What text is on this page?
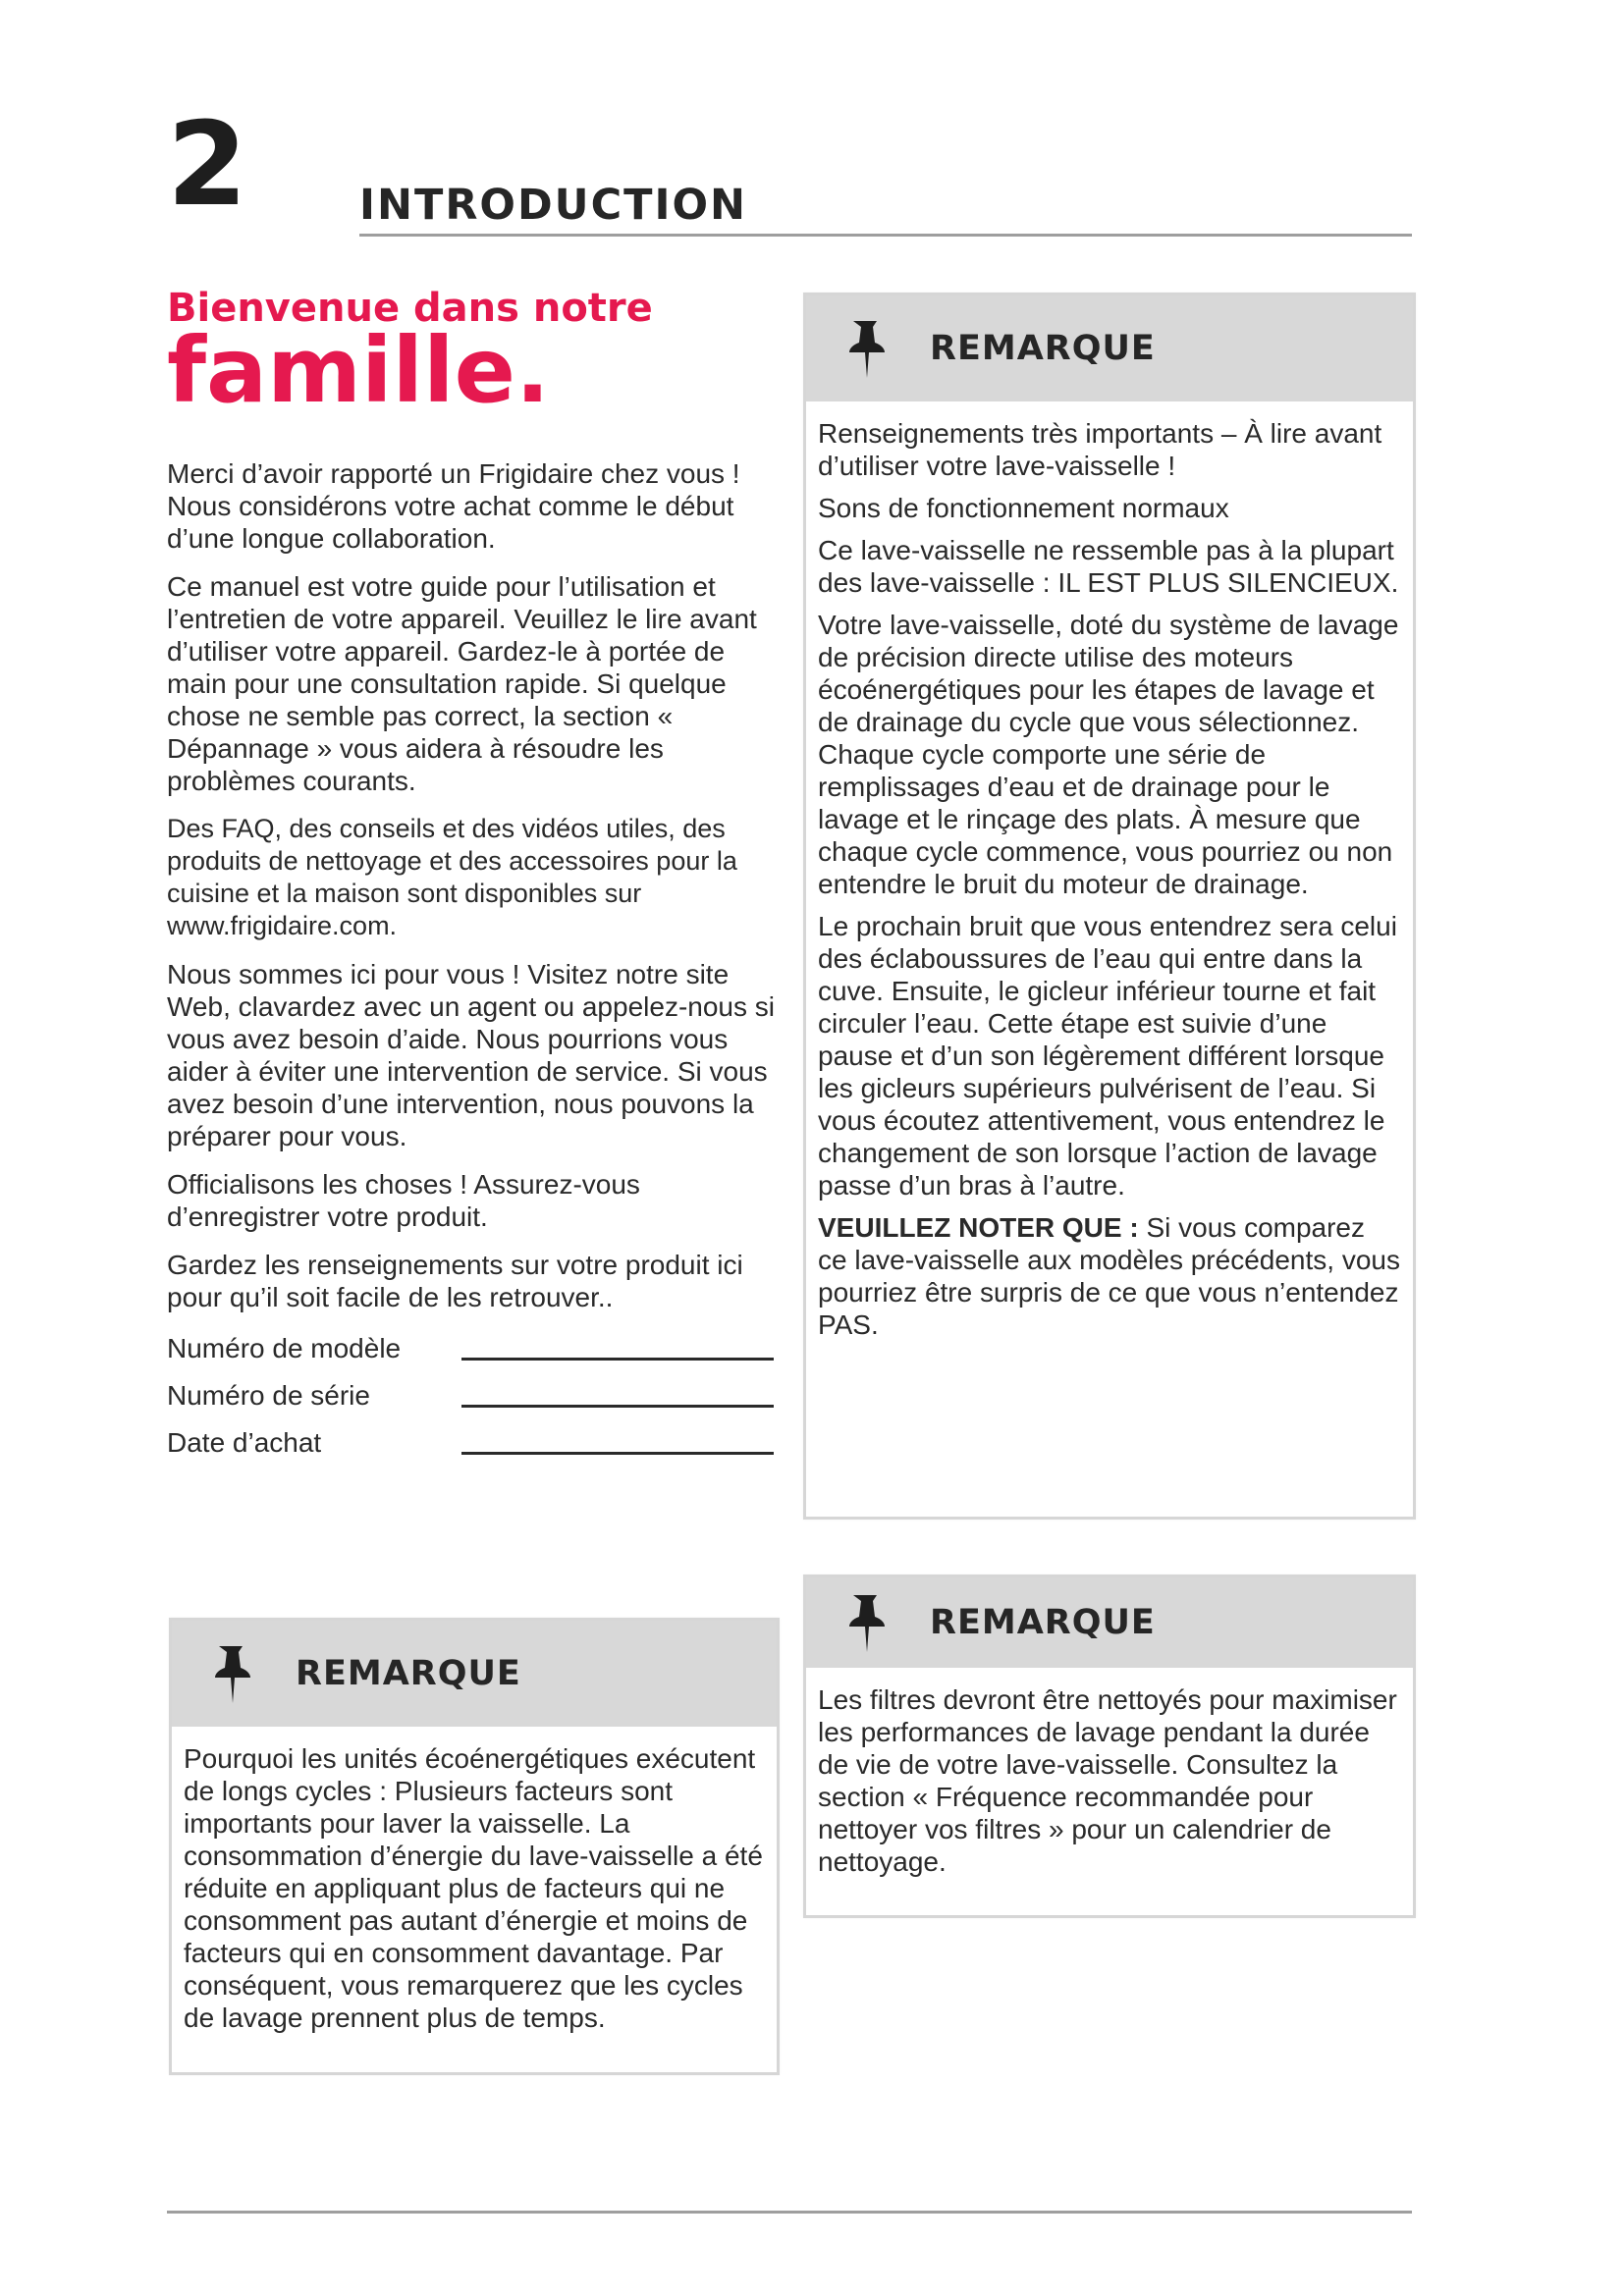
2	INTRODUCTION
Bienvenue dans notre
famille.

Merci d’avoir rapporté un Frigidaire chez vous ! Nous considérons votre achat comme le début d’une longue collaboration.

Ce manuel est votre guide pour l’utilisation et l’entretien de votre appareil. Veuillez le lire avant d’utiliser votre appareil. Gardez-le à portée de main pour une consultation rapide. Si quelque chose ne semble pas correct, la section « Dépannage » vous aidera à résoudre les problèmes courants.

Des FAQ, des conseils et des vidéos utiles, des produits de nettoyage et des accessoires pour la cuisine et la maison sont disponibles sur www.frigidaire.com.

Nous sommes ici pour vous ! Visitez notre site Web, clavardez avec un agent ou appelez-nous si vous avez besoin d’aide. Nous pourrions vous aider à éviter une intervention de service. Si vous avez besoin d’une intervention, nous pouvons la préparer pour vous.

Officialisons les choses ! Assurez-vous d’enregistrer votre produit.

Gardez les renseignements sur votre produit ici pour qu’il soit facile de les retrouver..

Numéro de modèle
Numéro de série
Date d’achat
REMARQUE

Pourquoi les unités écoénergétiques exécutent de longs cycles : Plusieurs facteurs sont importants pour laver la vaisselle. La consommation d’énergie du lave-vaisselle a été réduite en appliquant plus de facteurs qui ne consomment pas autant d’énergie et moins de facteurs qui en consomment davantage. Par conséquent, vous remarquerez que les cycles de lavage prennent plus de temps.

REMARQUE

Renseignements très importants – À lire avant d’utiliser votre lave-vaisselle !

Sons de fonctionnement normaux

Ce lave-vaisselle ne ressemble pas à la plupart des lave-vaisselle : IL EST PLUS SILENCIEUX.

Votre lave-vaisselle, doté du système de lavage de précision directe utilise des moteurs écoénergétiques pour les étapes de lavage et de drainage du cycle que vous sélectionnez. Chaque cycle comporte une série de remplissages d’eau et de drainage pour le lavage et le rinçage des plats. À mesure que chaque cycle commence, vous pourriez ou non entendre le bruit du moteur de drainage.

Le prochain bruit que vous entendrez sera celui des éclaboussures de l’eau qui entre dans la cuve. Ensuite, le gicleur inférieur tourne et fait circuler l’eau. Cette étape est suivie d’une pause et d’un son légèrement différent lorsque les gicleurs supérieurs pulvérisent de l’eau. Si vous écoutez attentivement, vous entendrez le changement de son lorsque l’action de lavage passe d’un bras à l’autre.

VEUILLEZ NOTER QUE : Si vous comparez ce lave-vaisselle aux modèles précédents, vous pourriez être surpris de ce que vous n’entendez PAS.

REMARQUE

Les filtres devront être nettoyés pour maximiser les performances de lavage pendant la durée de vie de votre lave-vaisselle. Consultez la section « Fréquence recommandée pour nettoyer vos filtres » pour un calendrier de nettoyage.
